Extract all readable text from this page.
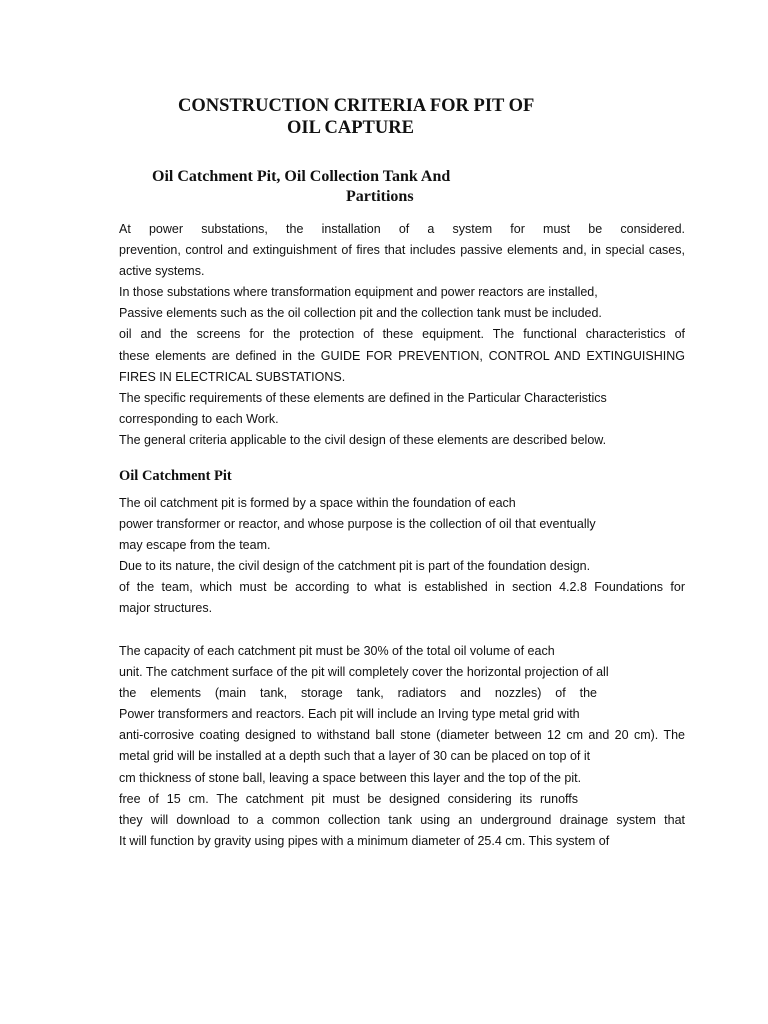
CONSTRUCTION CRITERIA FOR PIT OF
OIL CAPTURE
Oil Catchment Pit, Oil Collection Tank And
Partitions
At power substations, the installation of a system for must be considered.
prevention, control and extinguishment of fires that includes passive elements and, in special cases,
active systems.
In those substations where transformation equipment and power reactors are installed,
Passive elements such as the oil collection pit and the collection tank must be included.
oil and the screens for the protection of these equipment. The functional characteristics of
these elements are defined in the GUIDE FOR PREVENTION, CONTROL AND EXTINGUISHING
FIRES IN ELECTRICAL SUBSTATIONS.
The specific requirements of these elements are defined in the Particular Characteristics
corresponding to each Work.
The general criteria applicable to the civil design of these elements are described below.
Oil Catchment Pit
The oil catchment pit is formed by a space within the foundation of each
power transformer or reactor, and whose purpose is the collection of oil that eventually
may escape from the team.
Due to its nature, the civil design of the catchment pit is part of the foundation design.
of the team, which must be according to what is established in section 4.2.8 Foundations for
major structures.
The capacity of each catchment pit must be 30% of the total oil volume of each
unit. The catchment surface of the pit will completely cover the horizontal projection of all
the elements (main tank, storage tank, radiators and nozzles) of the
Power transformers and reactors. Each pit will include an Irving type metal grid with
anti-corrosive coating designed to withstand ball stone (diameter between 12 cm and 20 cm). The
metal grid will be installed at a depth such that a layer of 30 can be placed on top of it
cm thickness of stone ball, leaving a space between this layer and the top of the pit.
free of 15 cm. The catchment pit must be designed considering its runoffs
they will download to a common collection tank using an underground drainage system that
It will function by gravity using pipes with a minimum diameter of 25.4 cm. This system of
